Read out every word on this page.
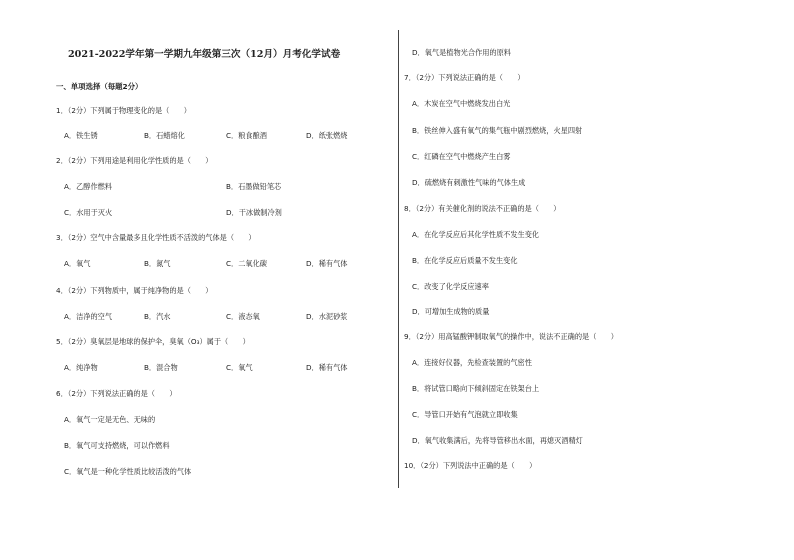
2021-2022学年第一学期九年级第三次（12月）月考化学试卷
一、单项选择（每题2分）
1．（2分）下列属于物理变化的是（　　）
A．铁生锈	B．石蜡熔化	C．粮食酿酒	D．纸张燃烧
2．（2分）下列用途是利用化学性质的是（　　）
A．乙醇作燃料	B．石墨做铅笔芯
C．水用于灭火	D．干冰做制冷剂
3．（2分）空气中含量最多且化学性质不活泼的气体是（　　）
A．氧气	B．氮气	C．二氧化碳	D．稀有气体
4．（2分）下列物质中，属于纯净物的是（　　）
A．洁净的空气	B．汽水	C．液态氧	D．水泥砂浆
5．（2分）臭氧层是地球的保护伞，臭氧（O₃）属于（　　）
A．纯净物	B．混合物	C．氧气	D．稀有气体
6．（2分）下列说法正确的是（　　）
A．氧气一定是无色、无味的
B．氧气可支持燃烧，可以作燃料
C．氧气是一种化学性质比较活泼的气体
D．氧气是植物光合作用的原料
7．（2分）下列说法正确的是（　　）
A．木炭在空气中燃烧发出白光
B．铁丝伸入盛有氧气的集气瓶中剧烈燃烧，火星四射
C．红磷在空气中燃烧产生白雾
D．硫燃烧有刺激性气味的气体生成
8．（2分）有关催化剂的说法不正确的是（　　）
A．在化学反应后其化学性质不发生变化
B．在化学反应后质量不发生变化
C．改变了化学反应速率
D．可增加生成物的质量
9．（2分）用高锰酸钾制取氧气的操作中，说法不正确的是（　　）
A．连接好仪器，先检查装置的气密性
B．将试管口略向下倾斜固定在铁架台上
C．导管口开始有气泡就立即收集
D．氧气收集满后，先将导管移出水面，再熄灭酒精灯
10．（2分）下列说法中正确的是（　　）
